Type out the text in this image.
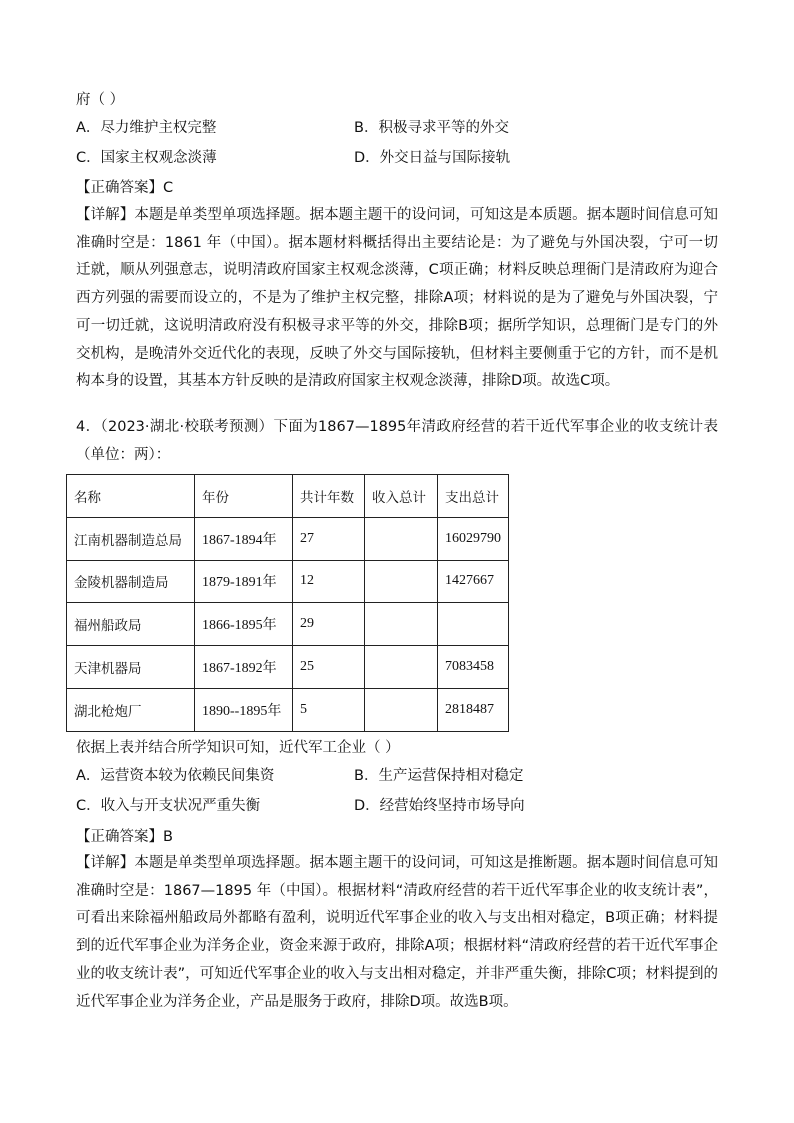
府（ ）
A．尽力维护主权完整	B．积极寻求平等的外交
C．国家主权观念淡薄	D．外交日益与国际接轨
【正确答案】C
【详解】本题是单类型单项选择题。据本题主题干的设问词，可知这是本质题。据本题时间信息可知准确时空是：1861 年（中国）。据本题材料概括得出主要结论是：为了避免与外国决裂，宁可一切迁就，顺从列强意志，说明清政府国家主权观念淡薄，C项正确；材料反映总理衙门是清政府为迎合西方列强的需要而设立的，不是为了维护主权完整，排除A项；材料说的是为了避免与外国决裂，宁可一切迁就，这说明清政府没有积极寻求平等的外交，排除B项；据所学知识，总理衙门是专门的外交机构，是晚清外交近代化的表现，反映了外交与国际接轨，但材料主要侧重于它的方针，而不是机构本身的设置，其基本方针反映的是清政府国家主权观念淡薄，排除D项。故选C项。
4．（2023·湖北·校联考预测）下面为1867—1895年清政府经营的若干近代军事企业的收支统计表（单位：两）：
名称	年份	共计年数	收入总计	支出总计
江南机器制造总局	1867-1894年	27		16029790
金陵机器制造局	1879-1891年	12		1427667
福州船政局	1866-1895年	29		
天津机器局	1867-1892年	25		7083458
湖北枪炮厂	1890--1895年	5		2818487
依据上表并结合所学知识可知，近代军工企业（ ）
A．运营资本较为依赖民间集资	B．生产运营保持相对稳定
C．收入与开支状况严重失衡	D．经营始终坚持市场导向
【正确答案】B
【详解】本题是单类型单项选择题。据本题主题干的设问词，可知这是推断题。据本题时间信息可知准确时空是：1867—1895 年（中国）。根据材料“清政府经营的若干近代军事企业的收支统计表”，可看出来除福州船政局外都略有盈利，说明近代军事企业的收入与支出相对稳定，B项正确；材料提到的近代军事企业为洋务企业，资金来源于政府，排除A项；根据材料“清政府经营的若干近代军事企业的收支统计表”，可知近代军事企业的收入与支出相对稳定，并非严重失衡，排除C项；材料提到的近代军事企业为洋务企业，产品是服务于政府，排除D项。故选B项。
